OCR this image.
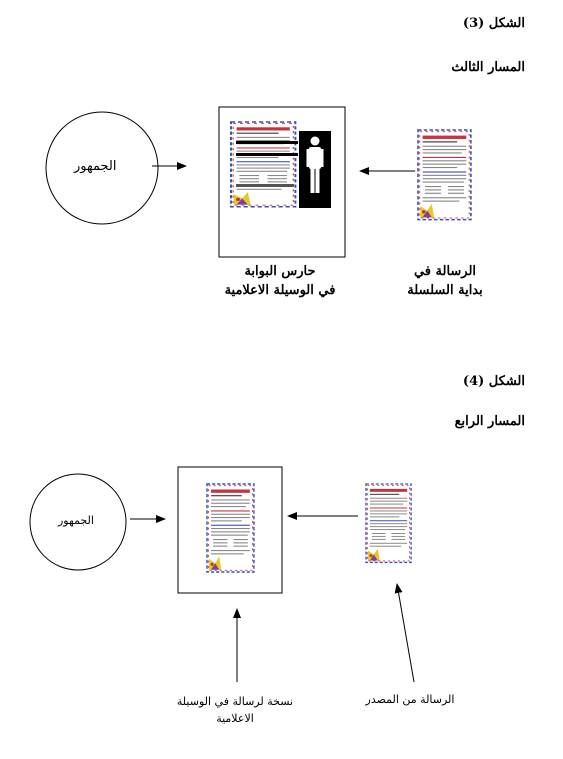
الشكل (3)
المسار الثالث
الشكل (4)
المسار الرابع
الجمهور
حارس البوابة
في الوسيلة الاعلامية
الرسالة في
بداية السلسلة
الجمهور
نسخة لرسالة في الوسيلة
الاعلامية
الرسالة من المصدر
